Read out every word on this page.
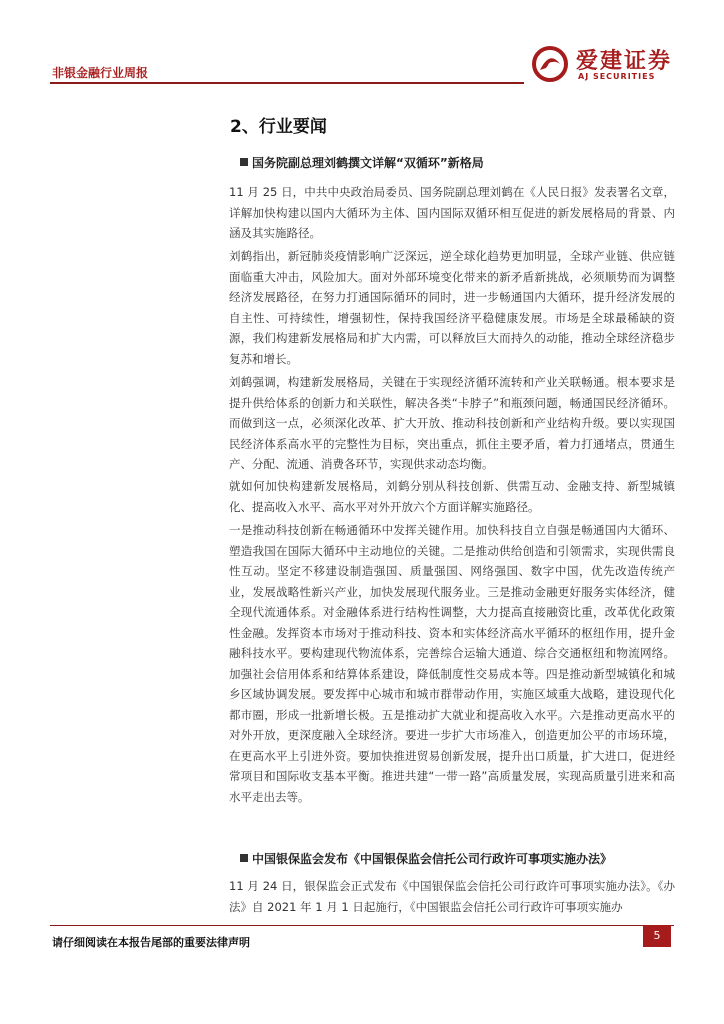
非银金融行业周报	爱建证券
AJ SECURITIES
2、行业要闻
国务院副总理刘鹤撰文详解“双循环”新格局

11 月 25 日，中共中央政治局委员、国务院副总理刘鹤在《人民日报》发表署名文章，详解加快构建以国内大循环为主体、国内国际双循环相互促进的新发展格局的背景、内涵及其实施路径。

刘鹤指出，新冠肺炎疫情影响广泛深远，逆全球化趋势更加明显，全球产业链、供应链面临重大冲击，风险加大。面对外部环境变化带来的新矛盾新挑战，必须顺势而为调整经济发展路径，在努力打通国际循环的同时，进一步畅通国内大循环，提升经济发展的自主性、可持续性，增强韧性，保持我国经济平稳健康发展。市场是全球最稀缺的资源，我们构建新发展格局和扩大内需，可以释放巨大而持久的动能，推动全球经济稳步复苏和增长。

刘鹤强调，构建新发展格局，关键在于实现经济循环流转和产业关联畅通。根本要求是提升供给体系的创新力和关联性，解决各类“卡脖子”和瓶颈问题，畅通国民经济循环。而做到这一点，必须深化改革、扩大开放、推动科技创新和产业结构升级。要以实现国民经济体系高水平的完整性为目标，突出重点，抓住主要矛盾，着力打通堵点，贯通生产、分配、流通、消费各环节，实现供求动态均衡。

就如何加快构建新发展格局，刘鹤分别从科技创新、供需互动、金融支持、新型城镇化、提高收入水平、高水平对外开放六个方面详解实施路径。

一是推动科技创新在畅通循环中发挥关键作用。加快科技自立自强是畅通国内大循环、塑造我国在国际大循环中主动地位的关键。二是推动供给创造和引领需求，实现供需良性互动。坚定不移建设制造强国、质量强国、网络强国、数字中国，优先改造传统产业，发展战略性新兴产业，加快发展现代服务业。三是推动金融更好服务实体经济，健全现代流通体系。对金融体系进行结构性调整，大力提高直接融资比重，改革优化政策性金融。发挥资本市场对于推动科技、资本和实体经济高水平循环的枢纽作用，提升金融科技水平。要构建现代物流体系，完善综合运输大通道、综合交通枢纽和物流网络。加强社会信用体系和结算体系建设，降低制度性交易成本等。四是推动新型城镇化和城乡区域协调发展。要发挥中心城市和城市群带动作用，实施区域重大战略，建设现代化都市圈，形成一批新增长极。五是推动扩大就业和提高收入水平。六是推动更高水平的对外开放，更深度融入全球经济。要进一步扩大市场准入，创造更加公平的市场环境，在更高水平上引进外资。要加快推进贸易创新发展，提升出口质量，扩大进口，促进经常项目和国际收支基本平衡。推进共建“一带一路”高质量发展，实现高质量引进来和高水平走出去等。

中国银保监会发布《中国银保监会信托公司行政许可事项实施办法》

11 月 24 日，银保监会正式发布《中国银保监会信托公司行政许可事项实施办法》。《办法》自 2021 年 1 月 1 日起施行，《中国银监会信托公司行政许可事项实施办

请仔细阅读在本报告尾部的重要法律声明
5
